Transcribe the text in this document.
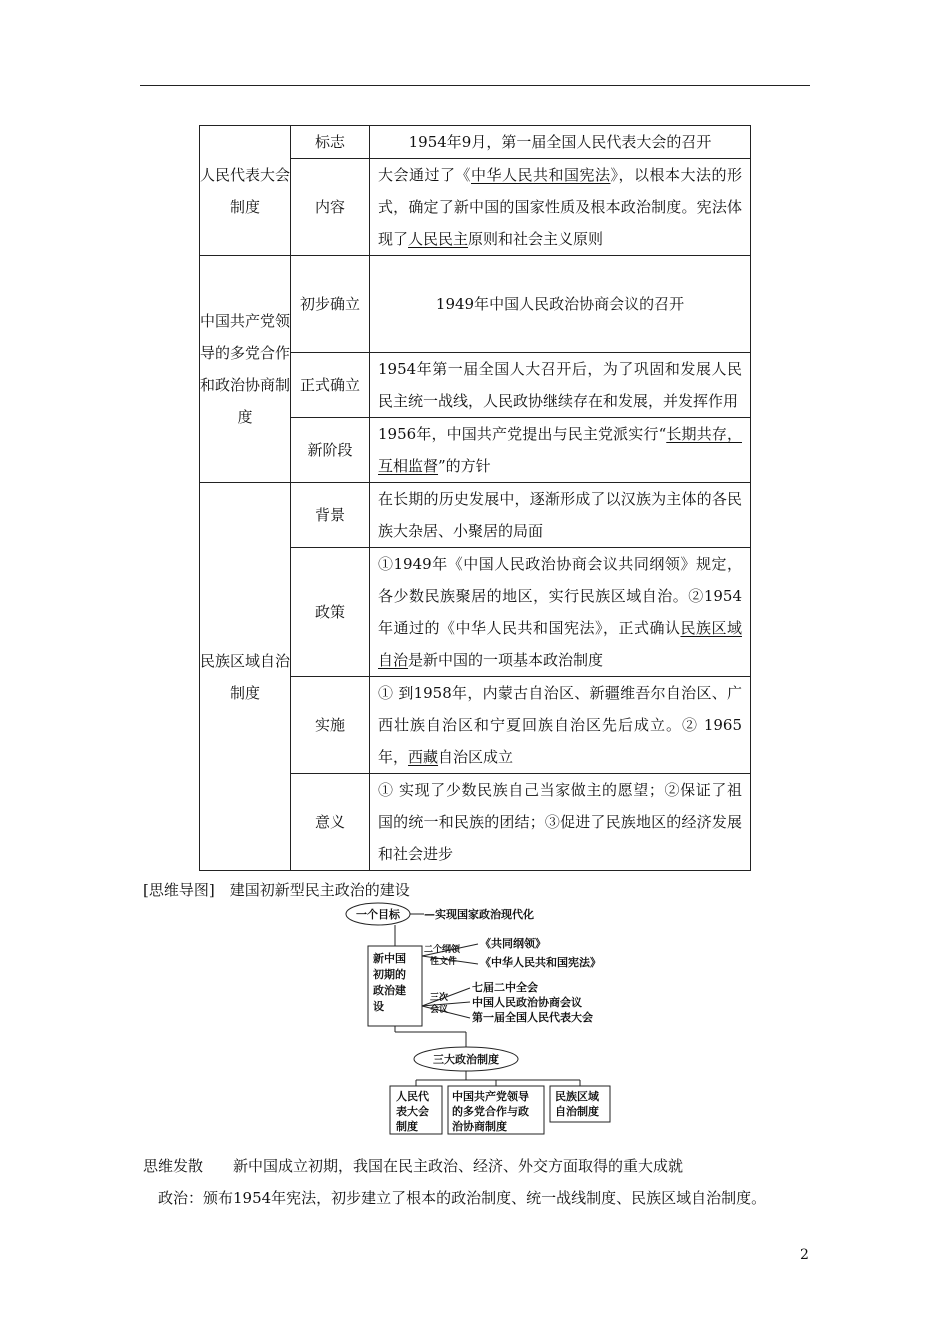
人民代表大会制度	标志	1954年9月，第一届全国人民代表大会的召开
	内容	大会通过了《中华人民共和国宪法》，以根本大法的形式，确定了新中国的国家性质及根本政治制度。宪法体现了人民民主原则和社会主义原则
中国共产党领导的多党合作和政治协商制度	初步确立	1949年中国人民政治协商会议的召开
	正式确立	1954年第一届全国人大召开后，为了巩固和发展人民民主统一战线，人民政协继续存在和发展，并发挥作用
	新阶段	1956年，中国共产党提出与民主党派实行“长期共存，互相监督”的方针
民族区域自治制度	背景	在长期的历史发展中，逐渐形成了以汉族为主体的各民族大杂居、小聚居的局面
	政策	①1949年《中国人民政治协商会议共同纲领》规定，各少数民族聚居的地区，实行民族区域自治。②1954年通过的《中华人民共和国宪法》，正式确认民族区域自治是新中国的一项基本政治制度
	实施	① 到1958年，内蒙古自治区、新疆维吾尔自治区、广西壮族自治区和宁夏回族自治区先后成立。② 1965年，西藏自治区成立
	意义	① 实现了少数民族自己当家做主的愿望；②保证了祖国的统一和民族的团结；③促进了民族地区的经济发展和社会进步
[思维导图]　 建国初新型民主政治的建设
一个目标 —实现国家政治现代化
新中国 初期的 政治建 设
二个纲领 性文件
《共同纲领》
《中华人民共和国宪法》
三次 会议
七届二中全会
中国人民政治协商会议
第一届全国人民代表大会
三大政治制度
人民代 表大会 制度
中国共产党领导 的多党合作与政 治协商制度
民族区域 自治制度
思维发散　　 新中国成立初期，我国在民主政治、经济、外交方面取得的重大成就
政治：颁布1954年宪法，初步建立了根本的政治制度、统一战线制度、民族区域自治制度。
2
